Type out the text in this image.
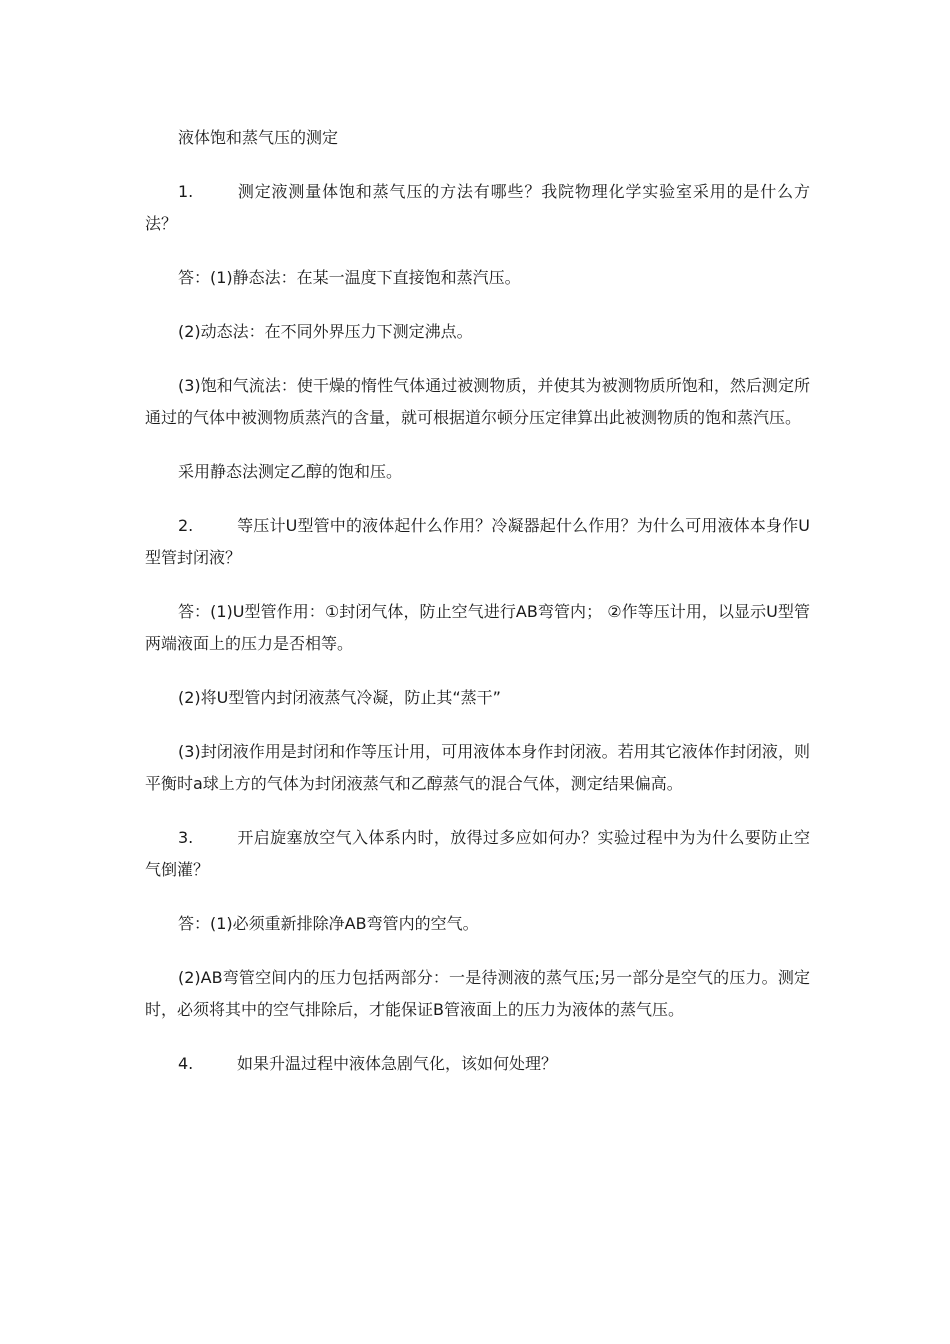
液体饱和蒸气压的测定

1.	测定液测量体饱和蒸气压的方法有哪些？我院物理化学实验室采用的是什么方法？

答：(1)静态法：在某一温度下直接饱和蒸汽压。

(2)动态法：在不同外界压力下测定沸点。

(3)饱和气流法：使干燥的惰性气体通过被测物质，并使其为被测物质所饱和，然后测定所通过的气体中被测物质蒸汽的含量，就可根据道尔顿分压定律算出此被测物质的饱和蒸汽压。

采用静态法测定乙醇的饱和压。

2.	等压计U型管中的液体起什么作用？冷凝器起什么作用？为什么可用液体本身作U型管封闭液？

答：(1)U型管作用：①封闭气体，防止空气进行AB弯管内； ②作等压计用，以显示U型管两端液面上的压力是否相等。

(2)将U型管内封闭液蒸气冷凝，防止其“蒸干”

(3)封闭液作用是封闭和作等压计用，可用液体本身作封闭液。若用其它液体作封闭液，则平衡时a球上方的气体为封闭液蒸气和乙醇蒸气的混合气体，测定结果偏高。

3.	开启旋塞放空气入体系内时，放得过多应如何办？实验过程中为为什么要防止空气倒灌？

答：(1)必须重新排除净AB弯管内的空气。

(2)AB弯管空间内的压力包括两部分：一是待测液的蒸气压;另一部分是空气的压力。测定时，必须将其中的空气排除后，才能保证B管液面上的压力为液体的蒸气压。

4.	如果升温过程中液体急剧气化，该如何处理？
